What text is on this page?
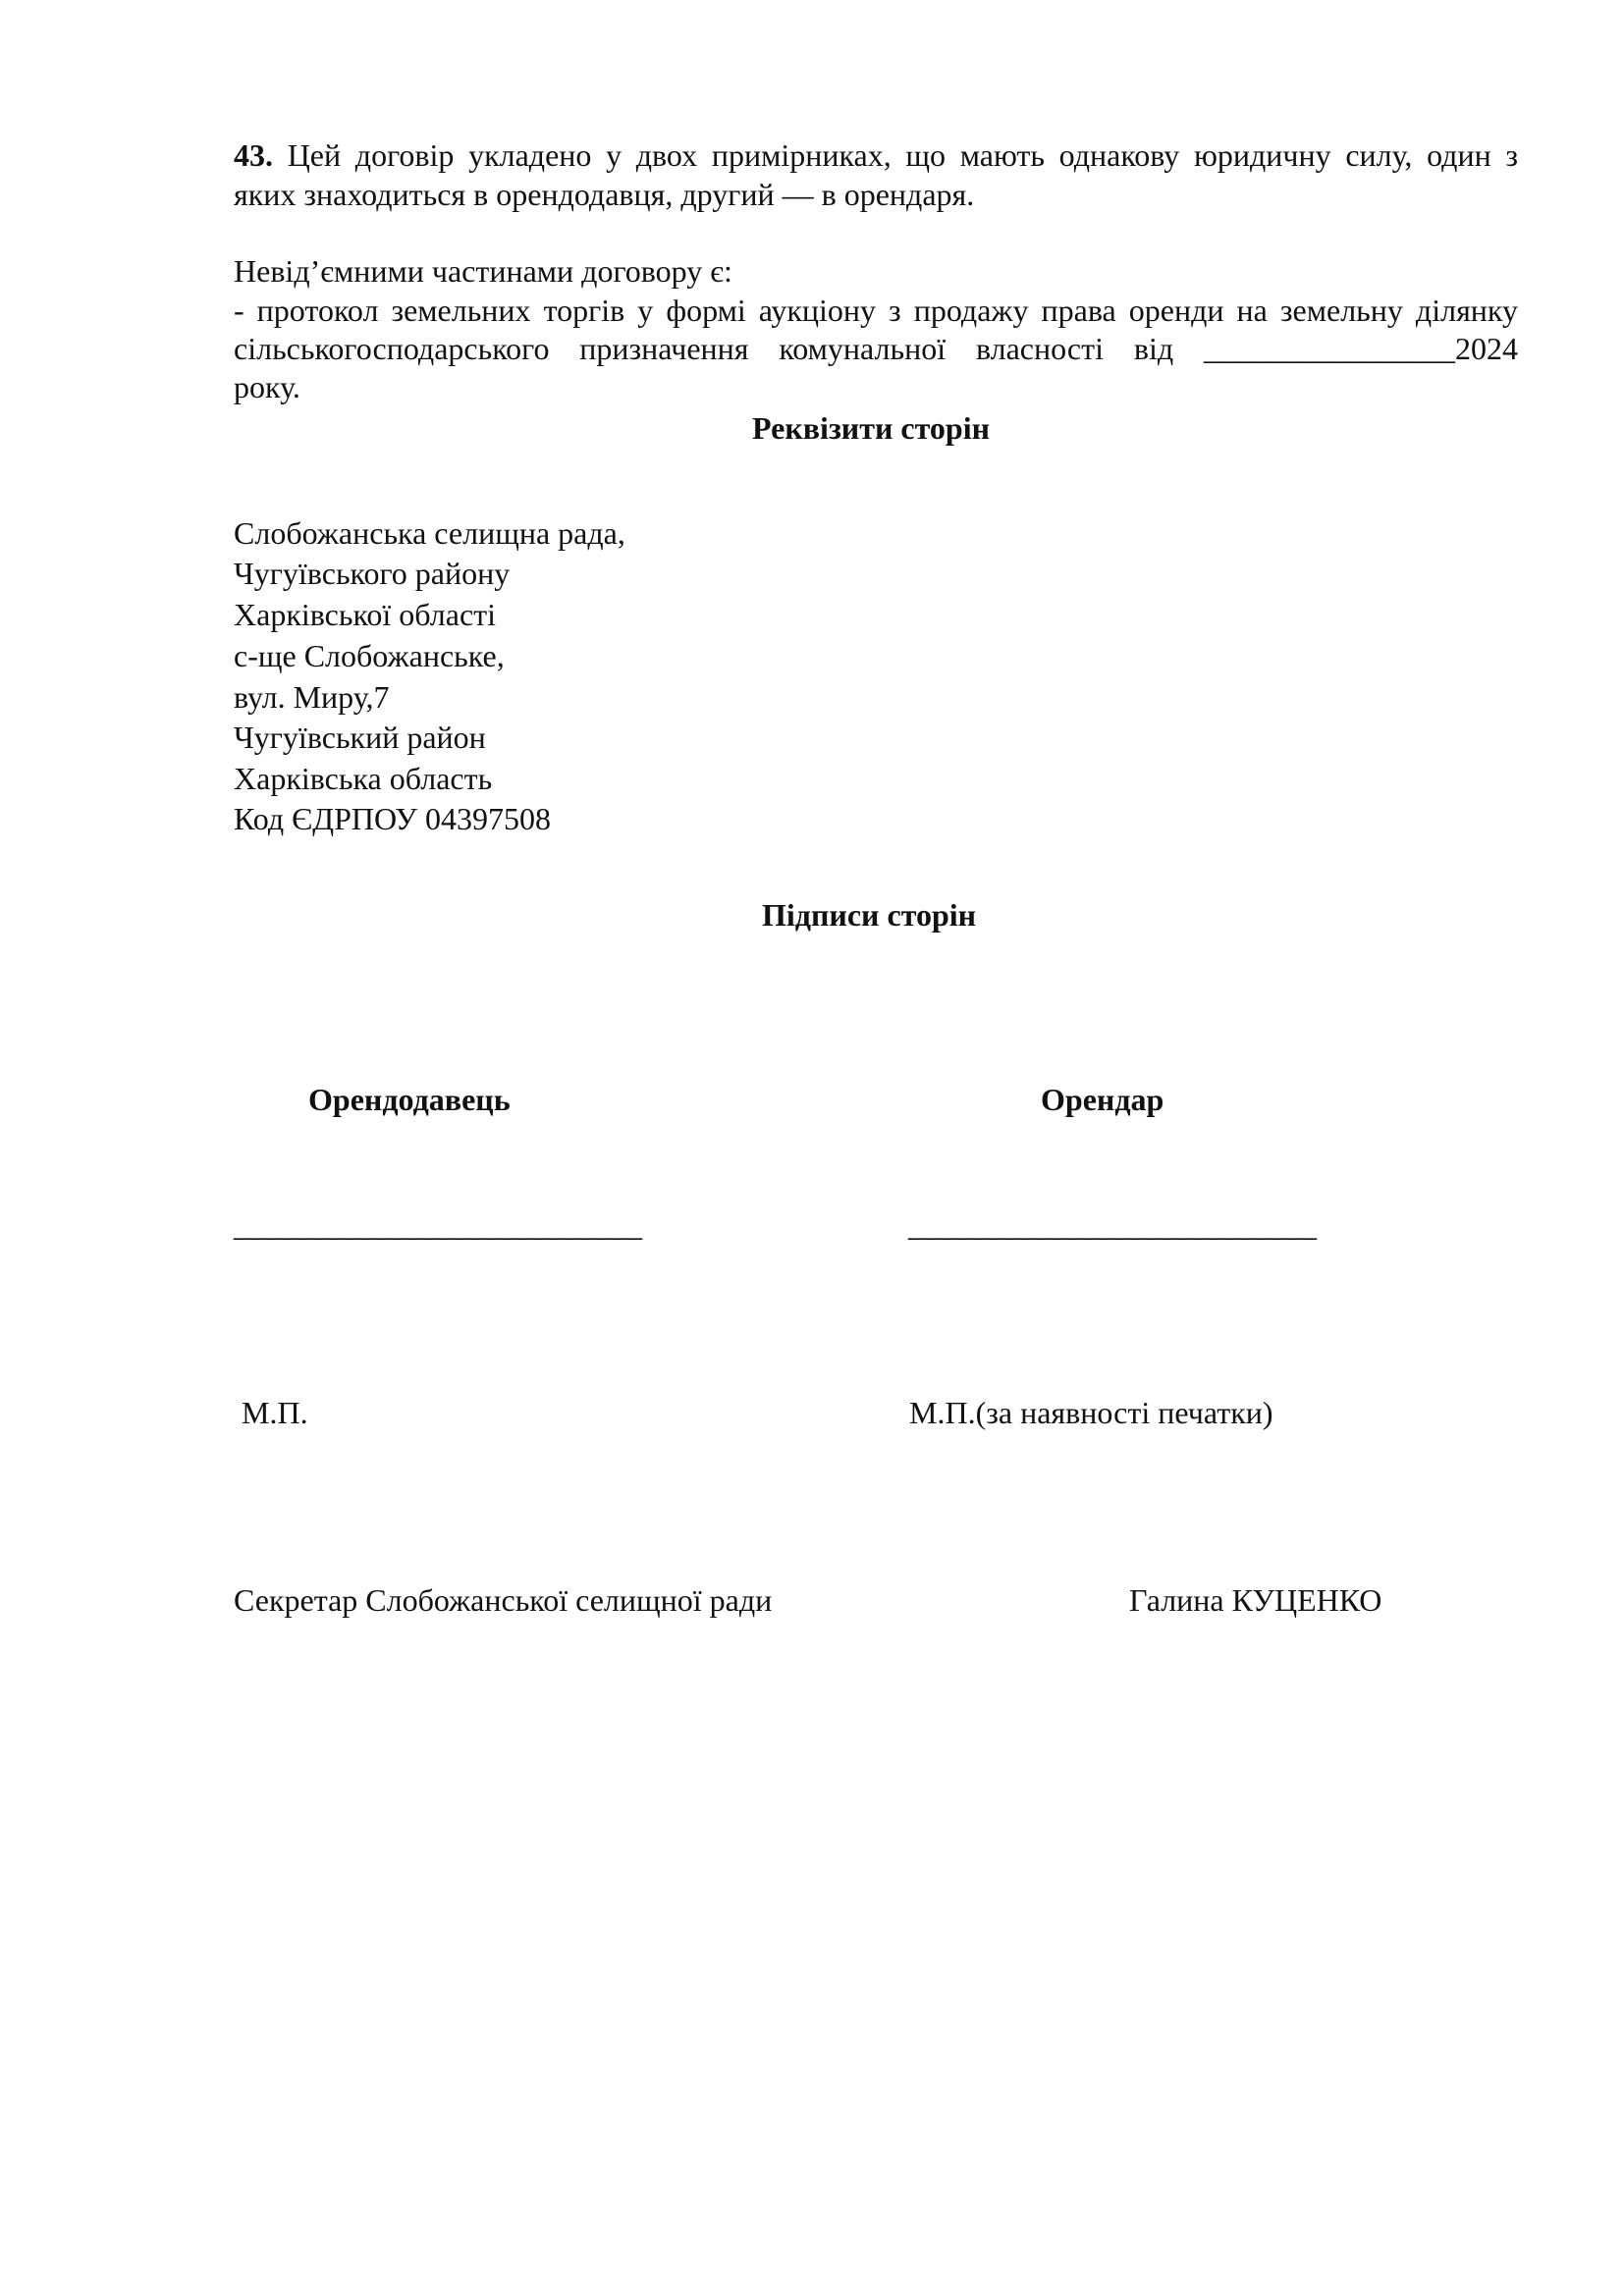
43. Цей договір укладено у двох примірниках, що мають однакову юридичну силу, один з
яких знаходиться в орендодавця, другий — в орендаря.
Невід’ємними частинами договору є:
- протокол земельних торгів у формі аукціону з продажу права оренди на земельну ділянку
сільськогосподарського призначення комунальної власності від ________________2024
року.
Реквізити сторін
Слобожанська селищна рада,
Чугуївського району
Харківської області
с-ще Слобожанське,
вул. Миру,7
Чугуївський район
Харківська область
Код ЄДРПОУ 04397508
Підписи сторін
Орендодавець	Орендар
__________________________	__________________________
М.П.	М.П.(за наявності печатки)
Секретар Слобожанської селищної ради	Галина КУЦЕНКО
